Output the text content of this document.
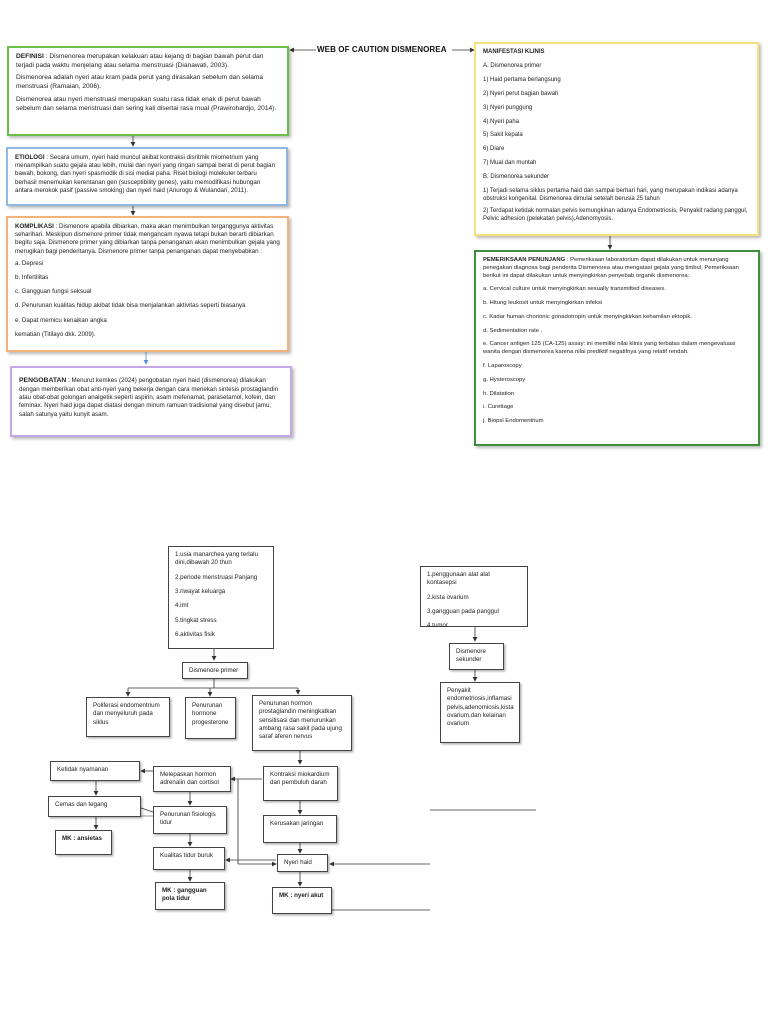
WEB OF CAUTION DISMENOREA

DEFINISI : Dismenorea merupakan kelakuan atau kejang di bagian bawah perut dan terjadi pada waktu menjelang atau selama menstruasi (Dianawati, 2003).

Dismenorea adalah nyeri atau kram pada perut yang dirasakan sebelum dan selama menstruasi (Ramaian, 2006).

Dismenorea atau nyeri menstruasi merupakan suatu rasa tidak enak di perut bawah sebelum dan selama menstruasi dan sering kali disertai rasa mual (Prawirohardjo, 2014).

ETIOLOGI : Secara umum, nyeri haid muncul akibat kontraksi disritmik miometrium yang menampilkan suatu gejala atau lebih, mulai dari nyeri yang ringan sampai berat di perut bagian bawah, bokong, dan nyeri spasmodik di sisi medial paha. Riset biologi molekuler terbaru berhasil menemukan kerentanan gen (susceptibility genes), yaitu memodifikasi hubungan antara merokok pasif (passive smoking) dan nyeri haid (Anurogo & Wulandari, 2011).

KOMPLIKASI : Dismenore apabila dibiarkan, maka akan menimbulkan terganggunya aktivitas seharihari. Meskipun dismenore primer tidak mengancam nyawa tetapi bukan berarti dibiarkan begitu saja. Dismenore primer yang dibiarkan tanpa penanganan akan menimbulkan gejala yang merugikan bagi penderitanya. Dismenore primer tanpa penanganan dapat menyebabkan :

a. Depresi
b. Infertilitas
c. Gangguan fungsi seksual
d. Penurunan kualitas hidup akibat tidak bisa menjalankan aktivitas seperti biasanya
e. Dapat memicu kenaikan angka
kematian (Titilayo dkk. 2009).

PENGOBATAN : Menurut kemkes (2024) pengobatan nyeri haid (dismenorea) dilakukan dengan memberikan obat anti-nyeri yang bekerja dengan cara menekan sintesis prostaglandin atau obat-obat golongan analgetik seperti aspirin, asam mefenamat, parasetamol, kofein, dan feminax. Nyeri haid juga dapat diatasi dengan minum ramuan tradisional yang disebut jamu, salah satunya yaitu kunyit asam.

MANIFESTASI KLINIS
A. Dismenorea primer
1) Haid pertama berlangsung
2) Nyeri perut bagian bawah
3) Nyeri punggung
4) Nyeri paha
5) Sakit kepala
6) Diare
7) Mual dan muntah
B. Dismenorea sekunder
1) Terjadi selama siklus pertama haid dan sampai berhari hari, yang merupakan indikasi adanya obstruksi kongenital. Dismenorea dimulai setelah berusia 25 tahun
2) Terdapat ketidak normalan pelvis kemungkinan adanya Endometriosis, Penyakit radang panggul, Pelvic adhesion (pelekatan pelvis),Adenomyosis.

PEMERIKSAAN PENUNJANG : Pemeriksaan laboratorium dapat dilakukan untuk menunjang penegakan diagnosa bagi penderita Dismenorea atau mengatasi gejala yang timbul, Pemeriksaan berikut ini dapat dilakukan untuk menyingkirkan penyebab organik dismenorea:

a. Cervical culture untuk menyingkirkan sexually transmitted diseases.
b. Hitung leukosit untuk menyingkirkan infeksi
c. Kadar human chorionic gonadotropin untuk menyingkirkan kehamilan ektopik.
d. Sedimentation rate .
e. Cancer antigen 125 (CA-125) assay: ini memiliki nilai klinis yang terbatas dalam mengevaluasi wanita dengan dismenorea karena nilai prediktif negatifnya yang relatif rendah.
f. Laparoscopy
g. Hysteroscopy
h. Dilatation
i. Curettage
j. Biopsi Endomentrium
1.usia manarchea yang terlalu dini,dibawah 20 thun
2.periode menstruasi Panjang
3.riwayat keluarga
4.imt
5.tingkat stress
6.aktivitas fisik
1.penggunaan alat alat kontasepsi
2.kista ovarium
3.gangguan pada panggul
4.tumor
Dismenore primer
Dismenore sekunder
Penyakit endometriosis,inflamasi pelvis,adenomiosis,kista ovarium,dan kelainan ovarium
Poliferasi endomentrium dan menyeluruh pada siklus
Penurunan hormone progesterone
Penurunan hormon prostaglandin meningkatkan sensitisasi dan menurunkan ambang rasa sakit pada ujung saraf aferen nervus
Ketidak nyamanan
Melepaskan hormon adrenalin dan cortisol
Kontraksi miokardium dan pembuluh darah
Cemas dan tegang
Penurunan fisiologis tidur	Kerusakan jaringan
MK : ansietas
Kualitas tidur buruk
Nyeri haid
MK : gangguan pola tidur	MK : nyeri akut
